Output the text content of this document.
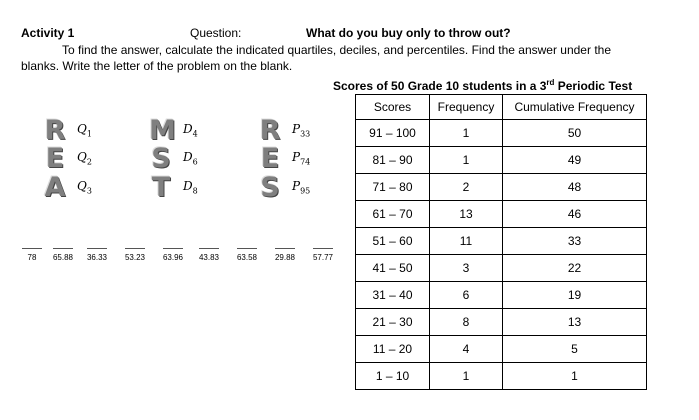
Activity 1	Question:	What do you buy only to throw out?
To find the answer, calculate the indicated quartiles, deciles, and percentiles. Find the answer under the
blanks. Write the letter of the problem on the blank.
Scores of 50 Grade 10 students in a 3rd Periodic Test
R $Q_1$
E $Q_2$
A $Q_3$
M $D_4$
S $D_6$
T $D_8$
R $P_{33}$
E $P_{74}$
S $P_{95}$
78	65.88	36.33	53.23	63.96	43.83	63.58	29.88	57.77
Scores	Frequency	Cumulative Frequency
91 – 100	1	50
81 – 90	1	49
71 – 80	2	48
61 – 70	13	46
51 – 60	11	33
41 – 50	3	22
31 – 40	6	19
21 – 30	8	13
11 – 20	4	5
1 – 10	1	1
